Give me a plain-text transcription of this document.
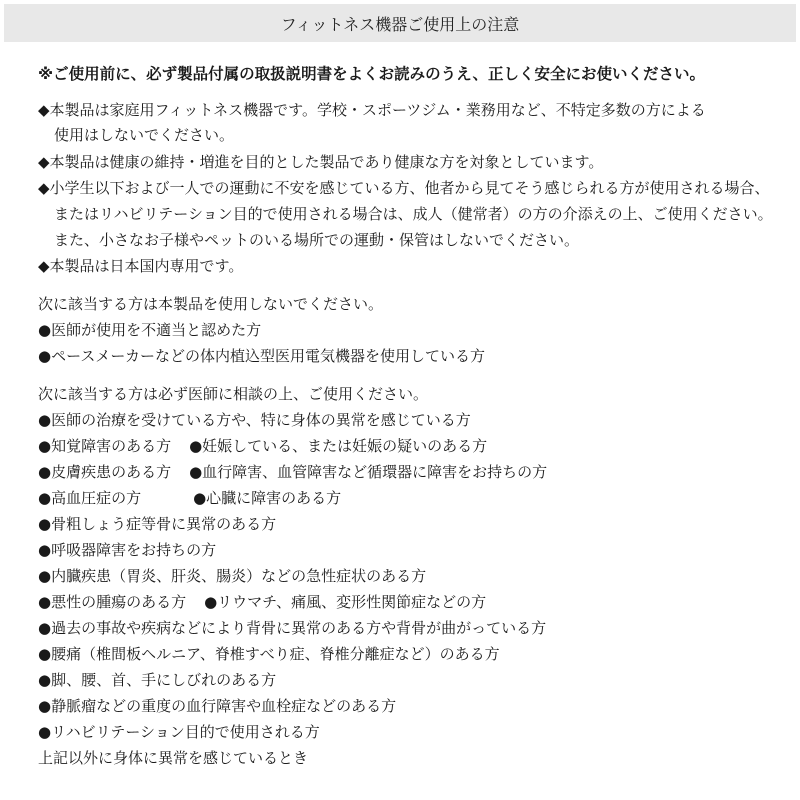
フィットネス機器ご使用上の注意
※ご使用前に、必ず製品付属の取扱説明書をよくお読みのうえ、正しく安全にお使いください。
◆本製品は家庭用フィットネス機器です。学校・スポーツジム・業務用など、不特定多数の方による
使用はしないでください。
◆本製品は健康の維持・増進を目的とした製品であり健康な方を対象としています。
◆小学生以下および一人での運動に不安を感じている方、他者から見てそう感じられる方が使用される場合、
またはリハビリテーション目的で使用される場合は、成人（健常者）の方の介添えの上、ご使用ください。
また、小さなお子様やペットのいる場所での運動・保管はしないでください。
◆本製品は日本国内専用です。
次に該当する方は本製品を使用しないでください。
●医師が使用を不適当と認めた方
●ペースメーカーなどの体内植込型医用電気機器を使用している方
次に該当する方は必ず医師に相談の上、ご使用ください。
●医師の治療を受けている方や、特に身体の異常を感じている方
●知覚障害のある方 ●妊娠している、または妊娠の疑いのある方
●皮膚疾患のある方 ●血行障害、血管障害など循環器に障害をお持ちの方
●高血圧症の方	●心臓に障害のある方
●骨粗しょう症等骨に異常のある方
●呼吸器障害をお持ちの方
●内臓疾患（胃炎、肝炎、腸炎）などの急性症状のある方
●悪性の腫瘍のある方 ●リウマチ、痛風、変形性関節症などの方
●過去の事故や疾病などにより背骨に異常のある方や背骨が曲がっている方
●腰痛（椎間板ヘルニア、脊椎すべり症、脊椎分離症など）のある方
●脚、腰、首、手にしびれのある方
●静脈瘤などの重度の血行障害や血栓症などのある方
●リハビリテーション目的で使用される方
上記以外に身体に異常を感じているとき
